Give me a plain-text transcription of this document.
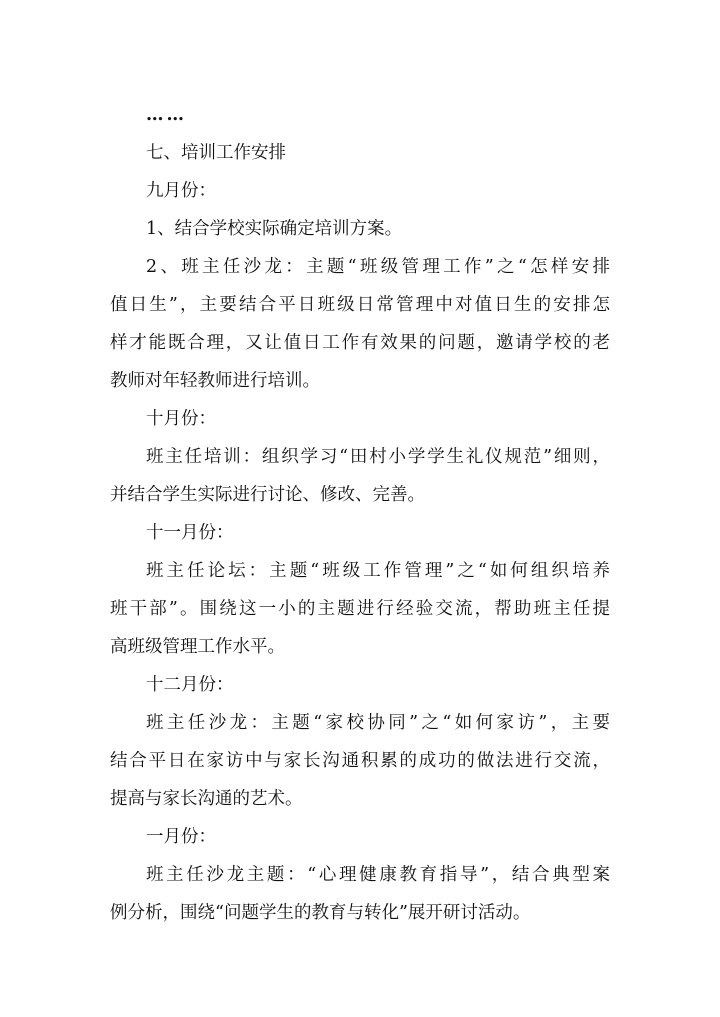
……
七、培训工作安排
九月份：
1、结合学校实际确定培训方案。
2、班主任沙龙：主题“班级管理工作”之“怎样安排
值日生”，主要结合平日班级日常管理中对值日生的安排怎
样才能既合理，又让值日工作有效果的问题，邀请学校的老
教师对年轻教师进行培训。
十月份：
班主任培训：组织学习“田村小学学生礼仪规范”细则，
并结合学生实际进行讨论、修改、完善。
十一月份：
班主任论坛：主题“班级工作管理”之“如何组织培养
班干部”。围绕这一小的主题进行经验交流，帮助班主任提
高班级管理工作水平。
十二月份：
班主任沙龙：主题“家校协同”之“如何家访”，主要
结合平日在家访中与家长沟通积累的成功的做法进行交流，
提高与家长沟通的艺术。
一月份：
班主任沙龙主题：“心理健康教育指导”，结合典型案
例分析，围绕“问题学生的教育与转化”展开研讨活动。
